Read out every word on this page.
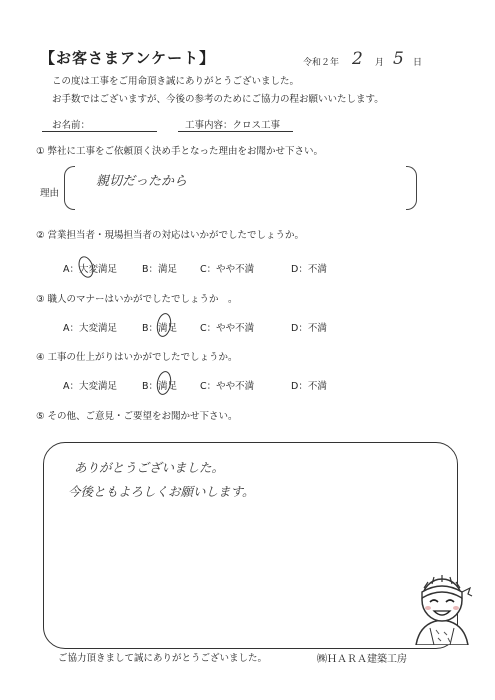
【お客さまアンケート】	令和２年 2 月 5 日
この度は工事をご用命頂き誠にありがとうございました。
お手数ではございますが、今後の参考のためにご協力の程お願いいたします。
お名前：	工事内容：クロス工事
① 弊社に工事をご依頼頂く決め手となった理由をお聞かせ下さい。
理由
親切だったから
② 営業担当者・現場担当者の対応はいかがでしたでしょうか。
A：大変満足	B：満足 C：やや不満	D：不満
③ 職人のマナーはいかがでしたでしょうか　。
A：大変満足	B：満足 C：やや不満	D：不満
④ 工事の仕上がりはいかがでしたでしょうか。
A：大変満足	B：満足 C：やや不満	D：不満
⑤ その他、ご意見・ご要望をお聞かせ下さい。
ありがとうございました。
今後ともよろしくお願いします。
ご協力頂きまして誠にありがとうございました。	㈱ＨＡＲＡ建築工房
